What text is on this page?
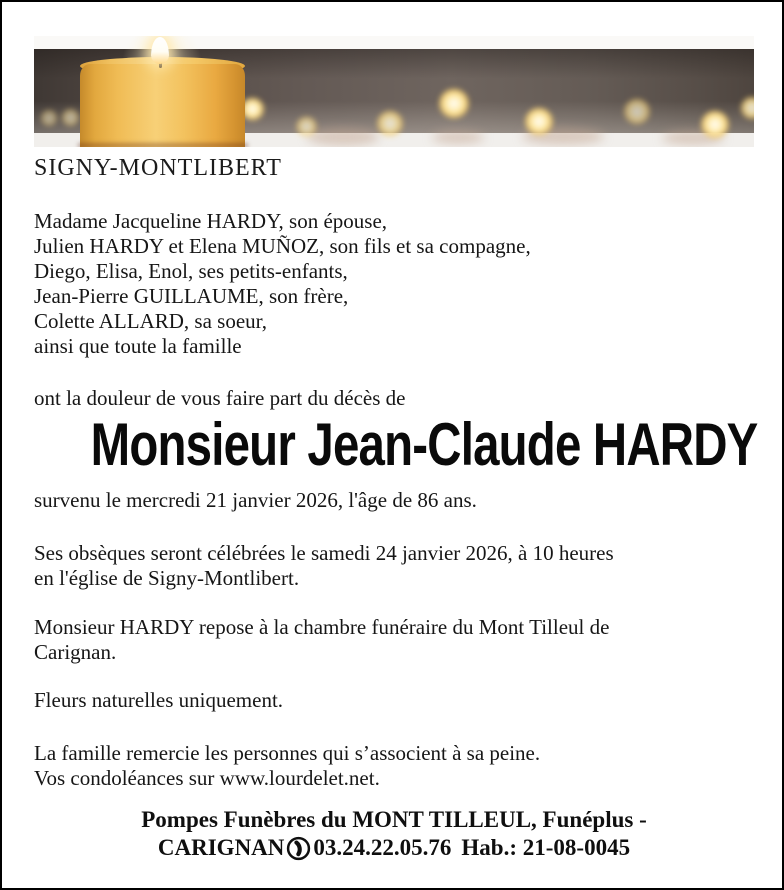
SIGNY-MONTLIBERT
Madame Jacqueline HARDY, son épouse,
Julien HARDY et Elena MUÑOZ, son fils et sa compagne,
Diego, Elisa, Enol, ses petits-enfants,
Jean-Pierre GUILLAUME, son frère,
Colette ALLARD, sa soeur,
ainsi que toute la famille
ont la douleur de vous faire part du décès de
Monsieur Jean-Claude HARDY
survenu le mercredi 21 janvier 2026, l'âge de 86 ans.
Ses obsèques seront célébrées le samedi 24 janvier 2026, à 10 heures
en l'église de Signy-Montlibert.
Monsieur HARDY repose à la chambre funéraire du Mont Tilleul de
Carignan.
Fleurs naturelles uniquement.
La famille remercie les personnes qui s’associent à sa peine.
Vos condoléances sur www.lourdelet.net.
Pompes Funèbres du MONT TILLEUL, Funéplus -
CARIGNAN 03.24.22.05.76 Hab.: 21-08-0045
